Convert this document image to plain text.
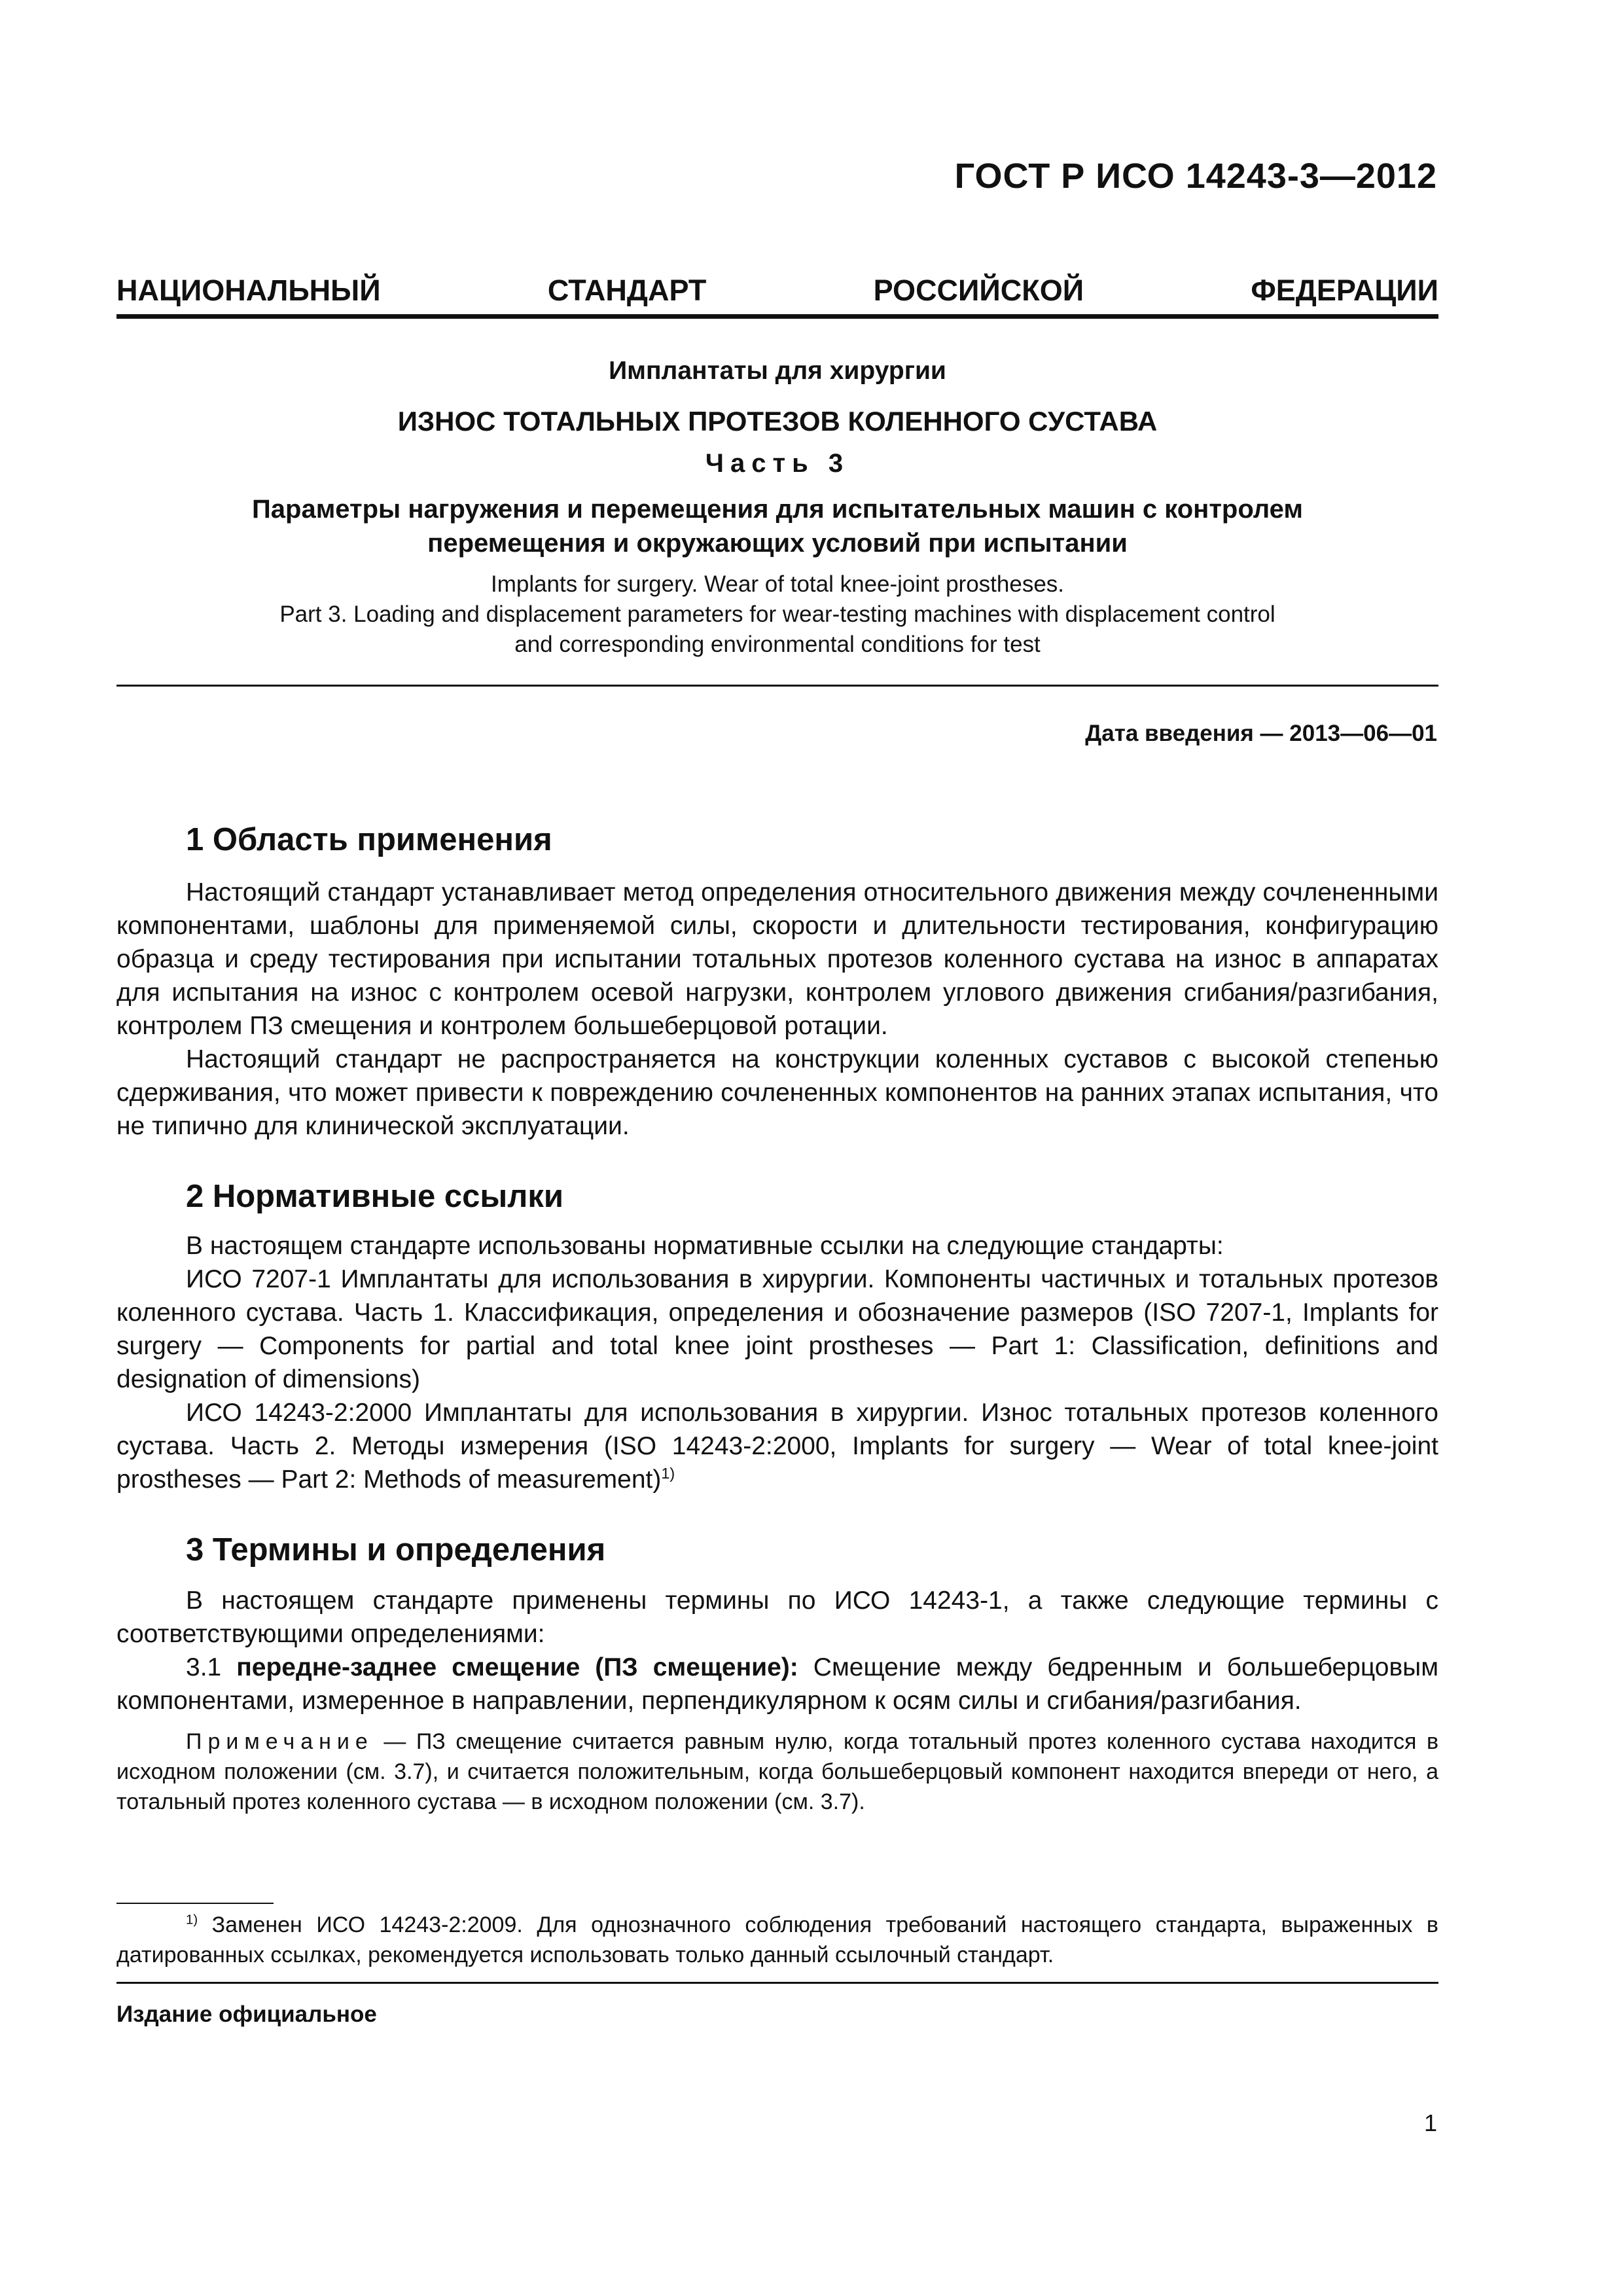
ГОСТ Р ИСО 14243-3—2012
НАЦИОНАЛЬНЫЙ	СТАНДАРТ	РОССИЙСКОЙ	ФЕДЕРАЦИИ
Имплантаты для хирургии
ИЗНОС ТОТАЛЬНЫХ ПРОТЕЗОВ КОЛЕННОГО СУСТАВА
Часть 3
Параметры нагружения и перемещения для испытательных машин с контролем
перемещения и окружающих условий при испытании
Implants for surgery. Wear of total knee-joint prostheses.
Part 3. Loading and displacement parameters for wear-testing machines with displacement control
and corresponding environmental conditions for test
Дата введения — 2013—06—01
1 Область применения

Настоящий стандарт устанавливает метод определения относительного движения между сочлененными компонентами, шаблоны для применяемой силы, скорости и длительности тестирования, конфигурацию образца и среду тестирования при испытании тотальных протезов коленного сустава на износ в аппаратах для испытания на износ с контролем осевой нагрузки, контролем углового движения сгибания/разгибания, контролем ПЗ смещения и контролем большеберцовой ротации.

Настоящий стандарт не распространяется на конструкции коленных суставов с высокой степенью сдерживания, что может привести к повреждению сочлененных компонентов на ранних этапах испытания, что не типично для клинической эксплуатации.

2 Нормативные ссылки

В настоящем стандарте использованы нормативные ссылки на следующие стандарты:

ИСО 7207-1 Имплантаты для использования в хирургии. Компоненты частичных и тотальных протезов коленного сустава. Часть 1. Классификация, определения и обозначение размеров (ISO 7207-1, Implants for surgery — Components for partial and total knee joint prostheses — Part 1: Classification, definitions and designation of dimensions)

ИСО 14243-2:2000 Имплантаты для использования в хирургии. Износ тотальных протезов коленного сустава. Часть 2. Методы измерения (ISO 14243-2:2000, Implants for surgery — Wear of total knee-joint prostheses — Part 2: Methods of measurement)$^{1)}$

3 Термины и определения

В настоящем стандарте применены термины по ИСО 14243-1, а также следующие термины с соответствующими определениями:

3.1 передне-заднее смещение (ПЗ смещение): Смещение между бедренным и большеберцовым компонентами, измеренное в направлении, перпендикулярном к осям силы и сгибания/разгибания.

Примечание — ПЗ смещение считается равным нулю, когда тотальный протез коленного сустава находится в исходном положении (см. 3.7), и считается положительным, когда большеберцовый компонент находится впереди от него, а тотальный протез коленного сустава — в исходном положении (см. 3.7).
$^{1)}$ Заменен ИСО 14243-2:2009. Для однозначного соблюдения требований настоящего стандарта, выраженных в датированных ссылках, рекомендуется использовать только данный ссылочный стандарт.
Издание официальное
1
